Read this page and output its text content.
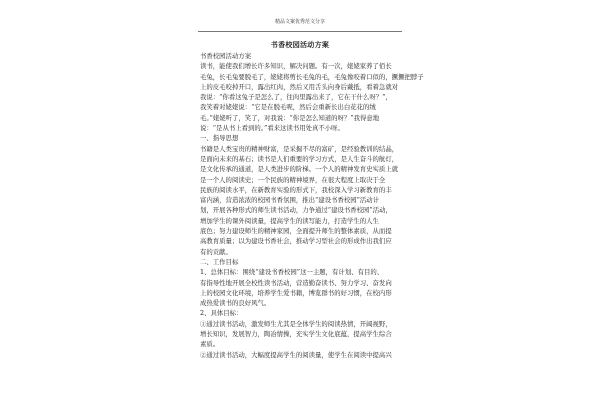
精品文案优秀范文分享
书香校园活动方案

书香校园活动方案

读书，能使我们增长许多知识，解决问题。有一次，姥姥家养了佰长

毛兔，长毛兔要脱毛了，姥姥将剪长毛兔的毛，毛兔像咬着口似的，撅撅把脖子

上的皮毛咬掉开口，露出红肉，然后又用舌头向身后戴抵，看着急就对

我说：“你看这兔子是怎么了，往肉里露出来了，它在干什么呀？”，

我笑着对姥姥说：“它是在脱毛呢，然后会重新长出白花花的绒

毛。”姥姥听了，笑了，对我说：“你是怎么知道的呀？”我得意地

说：“是从书上看到的。”看来这读书用处真不小呀。

一、指导思想

书籍是人类宝贵的精神财富，是采掘不尽的富矿，是经验教训的结晶，

是面向未来的基石；读书是人们重要的学习方式，是人生奋斗的航灯，

是文化传承的通道，是人类进步的阶梯。一个人的精神发育史实质上就

是一个人的阅读史；一个民族的精神境界，在很大程度上取决于全

民族的阅读水平，在新教育实验的形式下，我校深入学习新教育的丰

富内涵，营造浓浓的校园书香氛围，推出“建设书香校园”活动计

划，开展各种形式的师生读书活动，力争通过“建设书香校园”活动，

增加学生的课外阅读量，提高学生的读写能力，打造学生的人生

底色；努力建设师生的精神家园，全面提升师生的整体素质，从而提

高教育质量；以为建设书香社会，推动学习型社会的形成作出我们应

有的贡献。

二、工作目标

1、总体目标：围绕“建设书香校园”这一主题，有计划、有目的、

有指导性地开展全校性读书活动，营造勤奋读书、努力学习、奋发向

上的校园文化环境，培养学生爱书籍，博览群书的好习惯，在校内形

成热爱读书的良好风气。

2、具体目标：

①通过读书活动，激发师生尤其是全体学生的阅读热情，开阔视野，

增长知识，发展智力，陶冶情操，充实学生文化底蕴，提高学生综合

素质。

②通过读书活动，大幅度提高学生的阅读量，使学生在阅读中提高兴
